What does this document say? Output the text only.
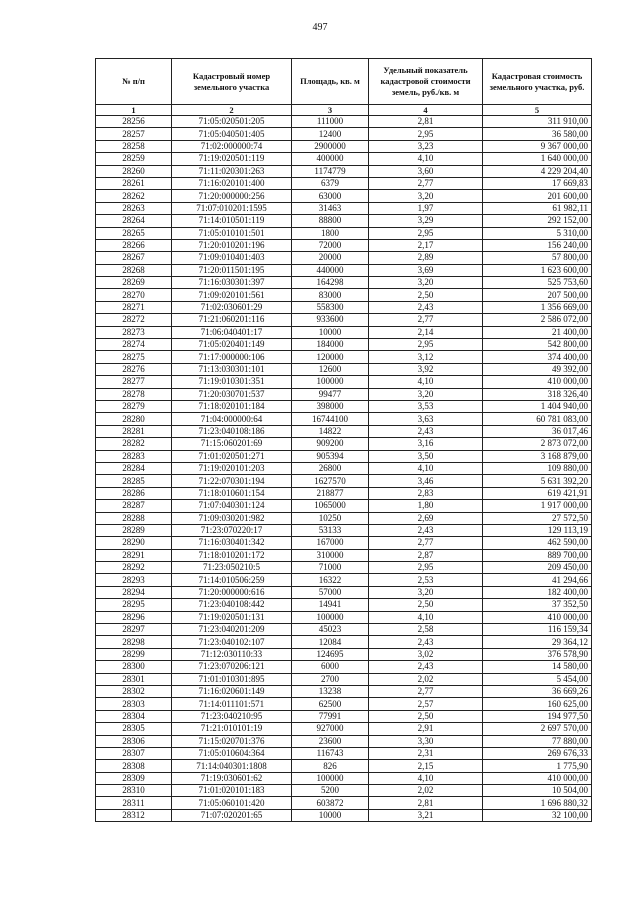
497
№ п/п	Кадастровый номер земельного участка	Площадь, кв. м	Удельный показатель кадастровой стоимости земель, руб./кв. м	Кадастровая стоимость земельного участка, руб.
1	2	3	4	5
28256	71:05:020501:205	111000	2,81	311 910,00
28257	71:05:040501:405	12400	2,95	36 580,00
28258	71:02:000000:74	2900000	3,23	9 367 000,00
28259	71:19:020501:119	400000	4,10	1 640 000,00
28260	71:11:020301:263	1174779	3,60	4 229 204,40
28261	71:16:020101:400	6379	2,77	17 669,83
28262	71:20:000000:256	63000	3,20	201 600,00
28263	71:07:010201:1595	31463	1,97	61 982,11
28264	71:14:010501:119	88800	3,29	292 152,00
28265	71:05:010101:501	1800	2,95	5 310,00
28266	71:20:010201:196	72000	2,17	156 240,00
28267	71:09:010401:403	20000	2,89	57 800,00
28268	71:20:011501:195	440000	3,69	1 623 600,00
28269	71:16:030301:397	164298	3,20	525 753,60
28270	71:09:020101:561	83000	2,50	207 500,00
28271	71:02:030601:29	558300	2,43	1 356 669,00
28272	71:21:060201:116	933600	2,77	2 586 072,00
28273	71:06:040401:17	10000	2,14	21 400,00
28274	71:05:020401:149	184000	2,95	542 800,00
28275	71:17:000000:106	120000	3,12	374 400,00
28276	71:13:030301:101	12600	3,92	49 392,00
28277	71:19:010301:351	100000	4,10	410 000,00
28278	71:20:030701:537	99477	3,20	318 326,40
28279	71:18:020101:184	398000	3,53	1 404 940,00
28280	71:04:000000:64	16744100	3,63	60 781 083,00
28281	71:23:040108:186	14822	2,43	36 017,46
28282	71:15:060201:69	909200	3,16	2 873 072,00
28283	71:01:020501:271	905394	3,50	3 168 879,00
28284	71:19:020101:203	26800	4,10	109 880,00
28285	71:22:070301:194	1627570	3,46	5 631 392,20
28286	71:18:010601:154	218877	2,83	619 421,91
28287	71:07:040301:124	1065000	1,80	1 917 000,00
28288	71:09:030201:982	10250	2,69	27 572,50
28289	71:23:070220:17	53133	2,43	129 113,19
28290	71:16:030401:342	167000	2,77	462 590,00
28291	71:18:010201:172	310000	2,87	889 700,00
28292	71:23:050210:5	71000	2,95	209 450,00
28293	71:14:010506:259	16322	2,53	41 294,66
28294	71:20:000000:616	57000	3,20	182 400,00
28295	71:23:040108:442	14941	2,50	37 352,50
28296	71:19:020501:131	100000	4,10	410 000,00
28297	71:23:040201:209	45023	2,58	116 159,34
28298	71:23:040102:107	12084	2,43	29 364,12
28299	71:12:030110:33	124695	3,02	376 578,90
28300	71:23:070206:121	6000	2,43	14 580,00
28301	71:01:010301:895	2700	2,02	5 454,00
28302	71:16:020601:149	13238	2,77	36 669,26
28303	71:14:011101:571	62500	2,57	160 625,00
28304	71:23:040210:95	77991	2,50	194 977,50
28305	71:21:010101:19	927000	2,91	2 697 570,00
28306	71:15:020701:376	23600	3,30	77 880,00
28307	71:05:010604:364	116743	2,31	269 676,33
28308	71:14:040301:1808	826	2,15	1 775,90
28309	71:19:030601:62	100000	4,10	410 000,00
28310	71:01:020101:183	5200	2,02	10 504,00
28311	71:05:060101:420	603872	2,81	1 696 880,32
28312	71:07:020201:65	10000	3,21	32 100,00
